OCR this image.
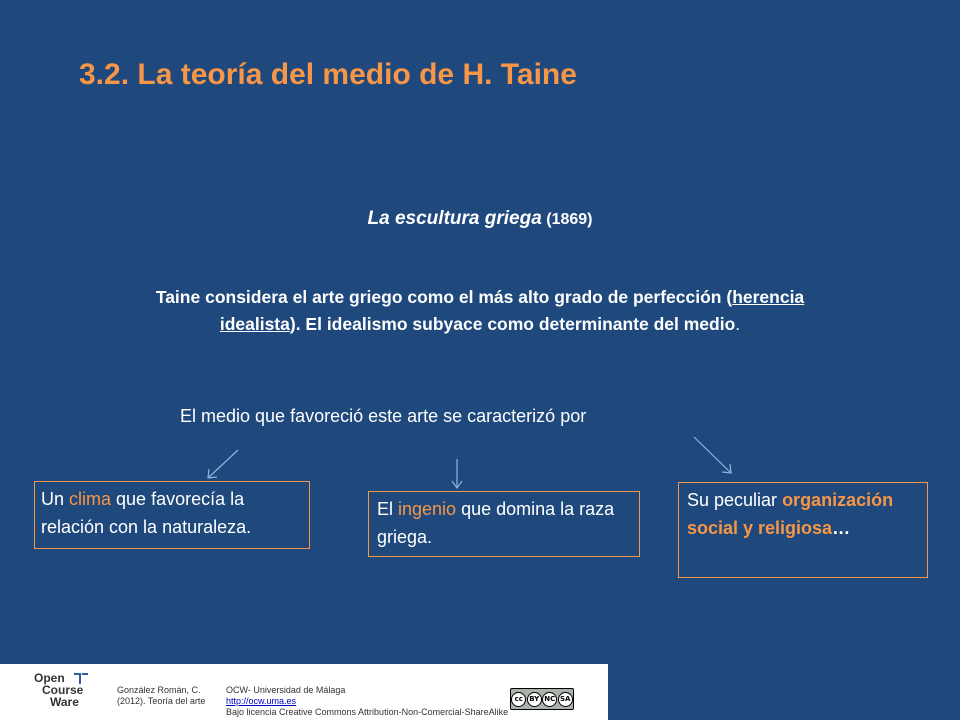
3.2. La teoría del medio de H. Taine
La escultura griega (1869)
Taine considera el arte griego como el más alto grado de perfección (herencia idealista). El idealismo subyace como determinante del medio.
El medio que favoreció este arte se caracterizó por
Un clima que favorecía la relación con la naturaleza.
El ingenio que domina la raza griega.
Su peculiar organización social y religiosa…
Open
Course
Ware
González Román, C.
(2012). Teoría del arte
OCW- Universidad de Málaga
http://ocw.uma.es
Bajo licencia Creative Commons Attribution-Non-Comercial-ShareAlike
cc BY NC SA
